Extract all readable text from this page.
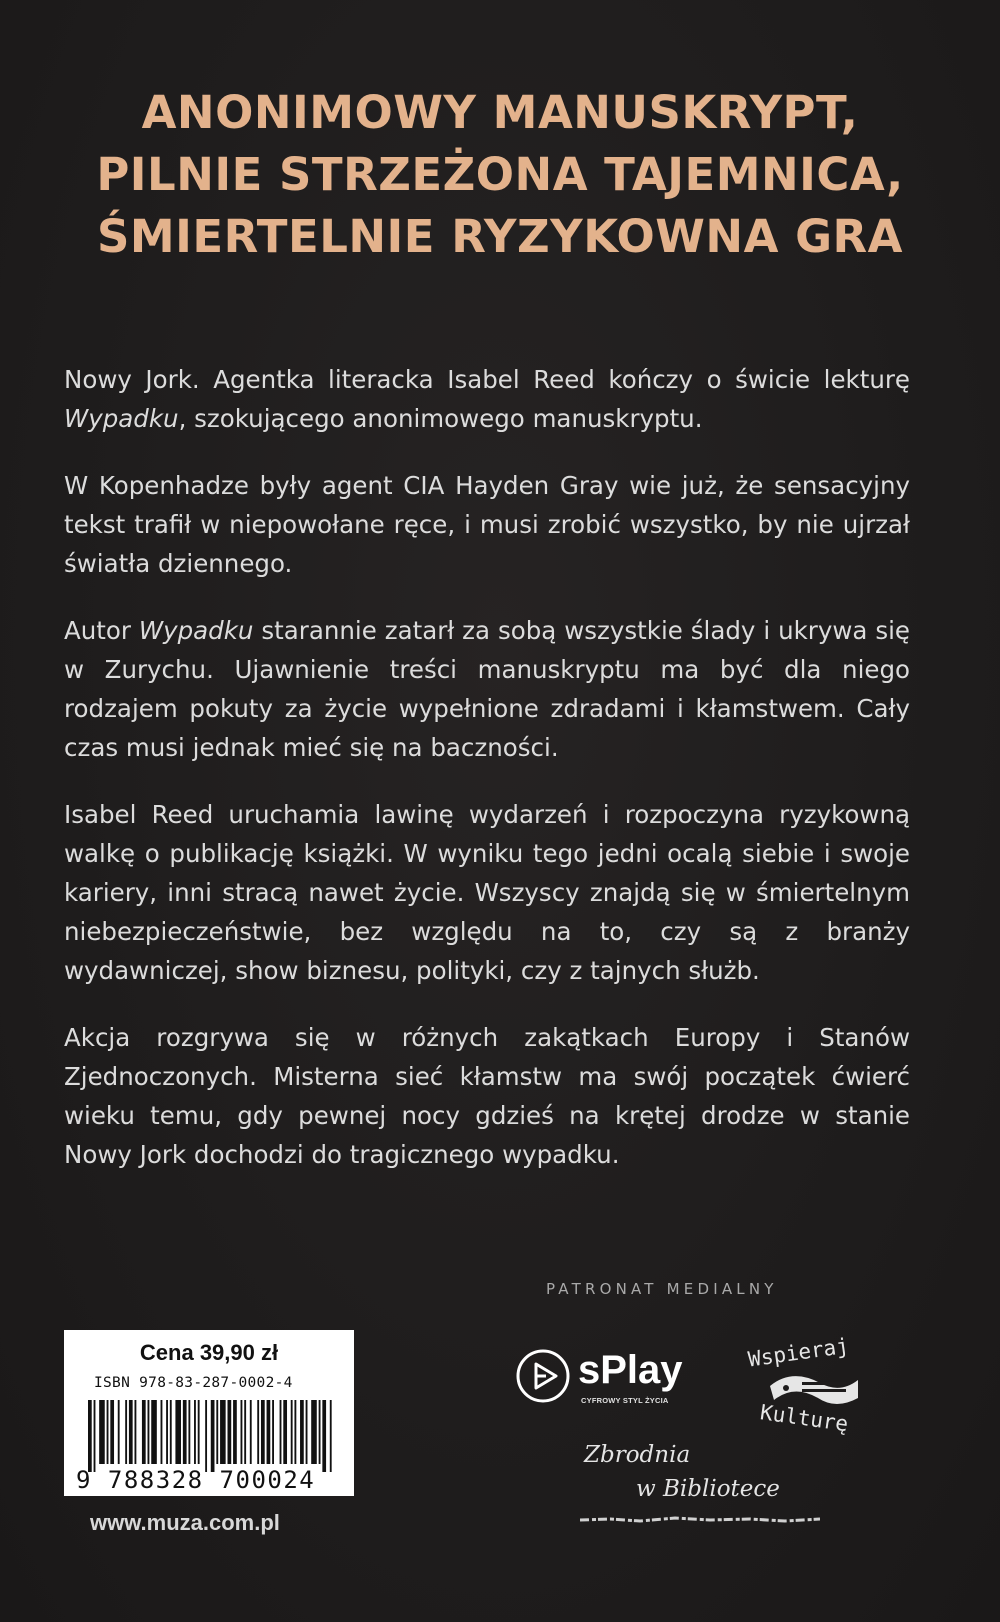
ANONIMOWY MANUSKRYPT,
PILNIE STRZEŻONA TAJEMNICA,
ŚMIERTELNIE RYZYKOWNA GRA

Nowy Jork. Agentka literacka Isabel Reed kończy o świcie lekturę Wypadku, szokującego anonimowego manuskryptu.

W Kopenhadze były agent CIA Hayden Gray wie już, że sensacyjny tekst trafił w niepowołane ręce, i musi zrobić wszystko, by nie ujrzał światła dziennego.

Autor Wypadku starannie zatarł za sobą wszystkie ślady i ukrywa się w Zurychu. Ujawnienie treści manuskryptu ma być dla niego rodzajem pokuty za życie wypełnione zdradami i kłamstwem. Cały czas musi jednak mieć się na baczności.

Isabel Reed uruchamia lawinę wydarzeń i rozpoczyna ryzykowną walkę o publikację książki. W wyniku tego jedni ocalą siebie i swoje kariery, inni stracą nawet życie. Wszyscy znajdą się w śmiertelnym niebezpieczeństwie, bez względu na to, czy są z branży wydawniczej, show biznesu, polityki, czy z tajnych służb.

Akcja rozgrywa się w różnych zakątkach Europy i Stanów Zjednoczonych. Misterna sieć kłamstw ma swój początek ćwierć wieku temu, gdy pewnej nocy gdzieś na krętej drodze w stanie Nowy Jork dochodzi do tragicznego wypadku.

PATRONAT MEDIALNY
Cena 39,90 zł
ISBN 978-83-287-0002-4
9 788328 700024
www.muza.com.pl
sPlay
CYFROWY STYL ŻYCIA
Wspieraj
Kulturę
Zbrodnia
w Bibliotece
